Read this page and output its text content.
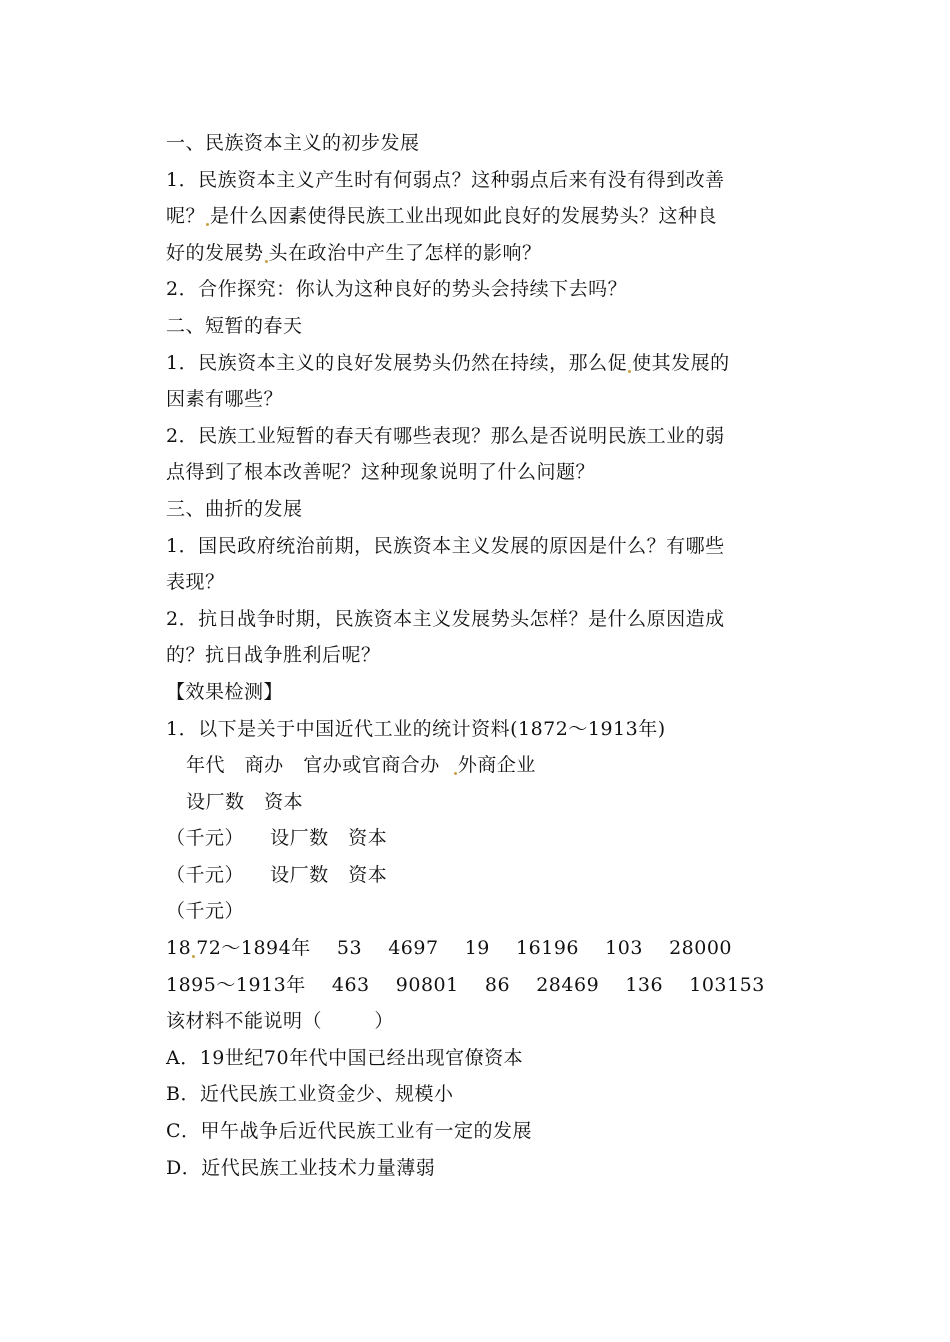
一、民族资本主义的初步发展
1．民族资本主义产生时有何弱点？这种弱点后来有没有得到改善
呢？ 是什么因素使得民族工业出现如此良好的发展势头？这种良
好的发展势 头在政治中产生了怎样的影响？
2．合作探究：你认为这种良好的势头会持续下去吗？
二、短暂的春天
1．民族资本主义的良好发展势头仍然在持续，那么促 使其发展的
因素有哪些？
2．民族工业短暂的春天有哪些表现？那么是否说明民族工业的弱
点得到了根本改善呢？这种现象说明了什么问题？
三、曲折的发展
1．国民政府统治前期，民族资本主义发展的原因是什么？有哪些
表现？
2．抗日战争时期，民族资本主义发展势头怎样？是什么原因造成
的？抗日战争胜利后呢？
【效果检测】
1．以下是关于中国近代工业的统计资料(1872～1913年)
年代   商办   官办或官商合办  外商企业
设厂数   资本
（千元）    设厂数   资本
（千元）    设厂数   资本
（千元）
18 72～1894年    53    4697    19    16196    103    28000
1895～1913年    463    90801    86    28469    136    103153
该材料不能说明（        ）
A．19世纪70年代中国已经出现官僚资本
B．近代民族工业资金少、规模小
C．甲午战争后近代民族工业有一定的发展
D．近代民族工业技术力量薄弱
